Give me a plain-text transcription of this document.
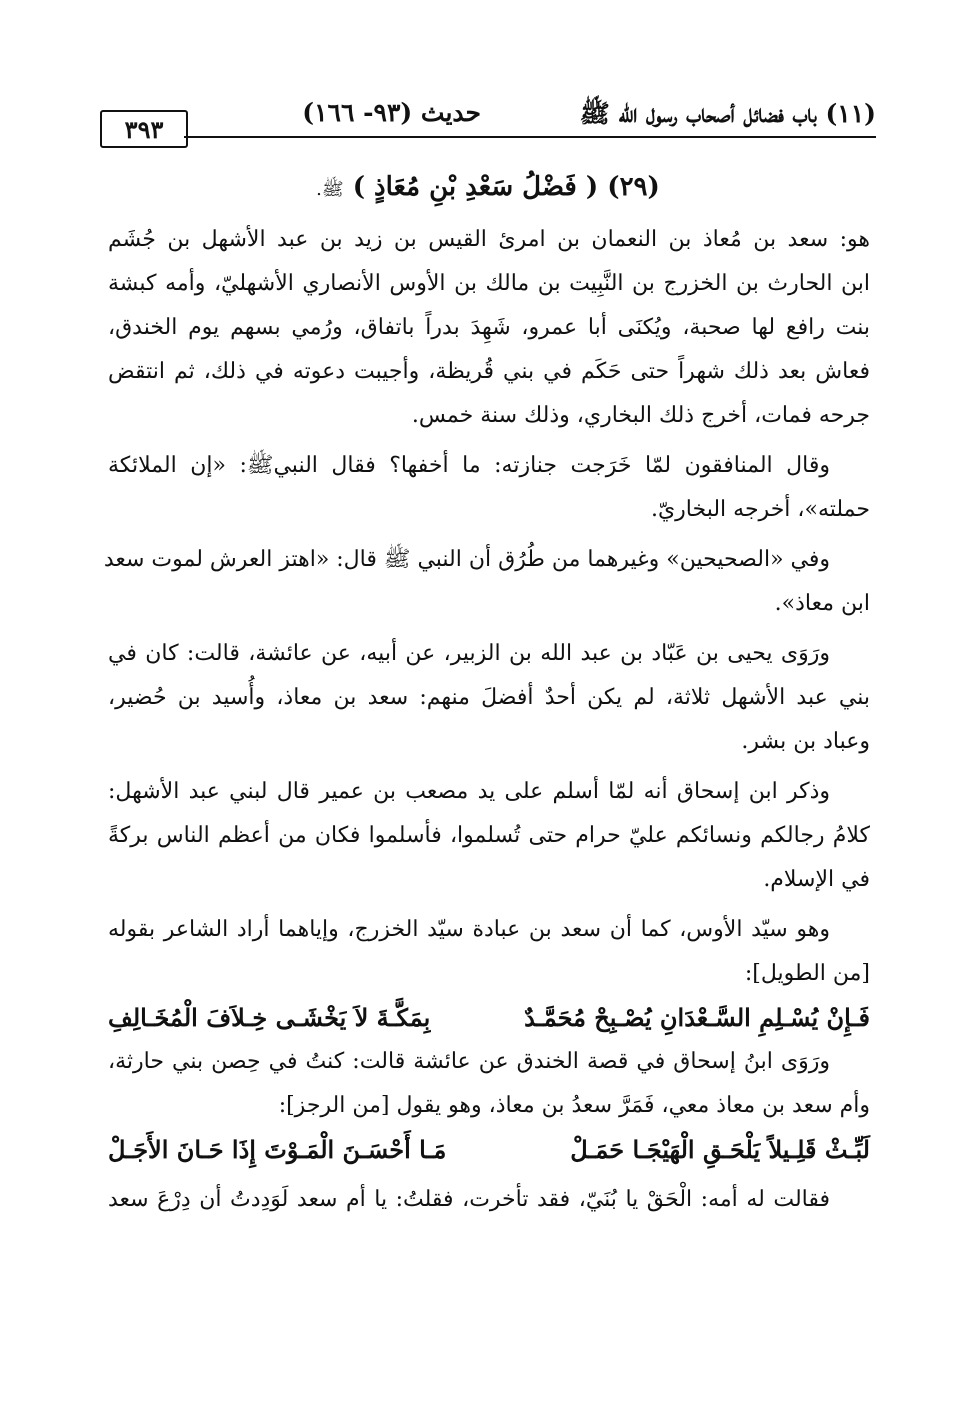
(١١) باب فضائل أصحاب رسول الله ﷺ
حديث (٩٣- ١٦٦)
٣٩٣
(٢٩) ( فَضْلُ سَعْدِ بْنِ مُعَاذٍ ) ﷺ.
هو: سعد بن مُعاذ بن النعمان بن امرئ القيس بن زيد بن عبد الأشهل بن جُشَم
ابن الحارث بن الخزرج بن النَّبِيت بن مالك بن الأوس الأنصاري الأشهليّ، وأمه كبشة
بنت رافع لها صحبة، ويُكنَى أبا عمرو، شَهِدَ بدراً باتفاق، ورُمي بسهم يوم الخندق،
فعاش بعد ذلك شهراً حتى حَكَم في بني قُريظة، وأجيبت دعوته في ذلك، ثم انتقض
جرحه فمات، أخرج ذلك البخاري، وذلك سنة خمس.
وقال المنافقون لمّا خَرَجت جنازته: ما أخفها؟ فقال النبيﷺ: «إن الملائكة
حملته»، أخرجه البخاريّ.
وفي «الصحيحين» وغيرهما من طُرُق أن النبي ﷺ قال: «اهتز العرش لموت سعد
ابن معاذ».
ورَوَى يحيى بن عَبّاد بن عبد الله بن الزبير، عن أبيه، عن عائشة، قالت: كان في
بني عبد الأشهل ثلاثة، لم يكن أحدٌ أفضلَ منهم: سعد بن معاذ، وأُسيد بن حُضير،
وعباد بن بشر.
وذكر ابن إسحاق أنه لمّا أسلم على يد مصعب بن عمير قال لبني عبد الأشهل:
كلامُ رجالكم ونسائكم عليّ حرام حتى تُسلموا، فأسلموا فكان من أعظم الناس بركةً
في الإسلام.
وهو سيّد الأوس، كما أن سعد بن عبادة سيّد الخزرج، وإياهما أراد الشاعر بقوله
[من الطويل]:
فَـإِنْ يُسْـلِمِ السَّـعْدَانِ يُصْـبِحْ مُحَمَّـدٌ
بِمَكَّـةَ لاَ يَخْشَـى خِـلاَفَ الْمُخَـالِفِ
ورَوَى ابنُ إسحاق في قصة الخندق عن عائشة قالت: كنتُ في حِصن بني حارثة،
وأم سعد بن معاذ معي، فَمَرَّ سعدُ بن معاذ، وهو يقول [من الرجز]:
لَبِّـثْ قَلِـيلاً يَلْحَـقِ الْهَيْجَـا حَمَـلْ
مَـا أَحْسَـنَ الْمَـوْتَ إِذَا حَـانَ الأَجَـلْ
فقالت له أمه: الْحَقْ يا بُنَيّ، فقد تأخرت، فقلتُ: يا أم سعد لَوَدِدتُ أن دِرْعَ سعد
